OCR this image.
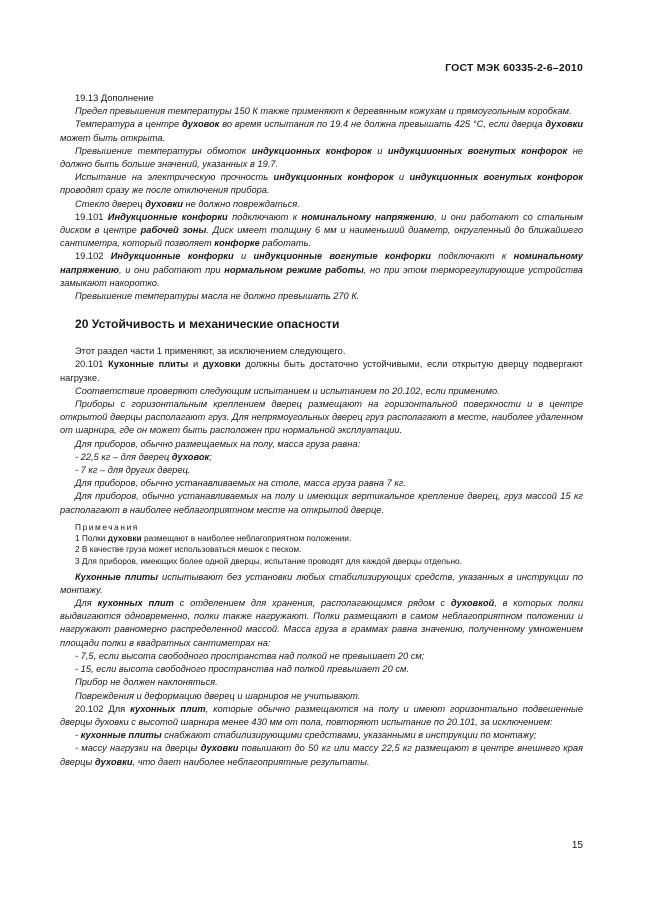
ГОСТ МЭК 60335-2-6–2010

19.13 Дополнение

Предел превышения температуры 150 К также применяют к деревянным кожухам и прямоугольным коробкам.

Температура в центре духовок во время испытания по 19.4 не должна превышать 425 °С, если дверца духовки может быть открыта.

Превышение температуры обмоток индукционных конфорок и индукциионных вогнутых конфорок не должно быть больше значений, указанных в 19.7.

Испытание на электрическую прочность индукционных конфорок и индукционных вогнутых конфорок проводят сразу же после отключения прибора.

Стекло дверец духовки не должно повреждаться.

19.101 Индукционные конфорки подключают к номинальному напряжению, и они работают со стальным диском в центре рабочей зоны. Диск имеет толщину 6 мм и наименьший диаметр, округленный до ближайшего сантиметра, который позволяет конфорке работать.

19.102 Индукционные конфорки и индукционные вогнутые конфорки подключают к номинальному напряжению, и они работают при нормальном режиме работы, но при этом терморегулирующие устройства замыкают накоротко.

Превышение температуры масла не должно превышать 270 К.

20 Устойчивость и механические опасности

Этот раздел части 1 применяют, за исключением следующего.

20.101 Кухонные плиты и духовки должны быть достаточно устойчивыми, если открытую дверцу подвергают нагрузке.

Соответствие проверяют следующим испытанием и испытанием по 20.102, если применимо.

Приборы с горизонтальным креплением дверец размещают на горизонтальной поверхности и в центре открытой дверцы располагают груз. Для непрямоугольных дверец груз располагают в месте, наиболее удаленном от шарнира, где он может быть расположен при нормальной эксплуатации.

Для приборов, обычно размещаемых на полу, масса груза равна:

- 22,5 кг – для дверец духовок;

- 7 кг – для других дверец.

Для приборов, обычно устанавливаемых на столе, масса груза равна 7 кг.

Для приборов, обычно устанавливаемых на полу и имеющих вертикальное крепление дверец, груз массой 15 кг располагают в наиболее неблагоприятном месте на открытой дверце.

Примечания
1 Полки духовки размещают в наиболее неблагоприятном положении.
2 В качестве груза может использоваться мешок с песком.
3 Для приборов, имеющих более одной дверцы, испытание проводят для каждой дверцы отдельно.

Кухонные плиты испытывают без установки любых стабилизирующих средств, указанных в инструкции по монтажу.

Для кухонных плит с отделением для хранения, располагающимся рядом с духовкой, в которых полки выдвигаются одновременно, полки также нагружают. Полки размещают в самом неблагоприятном положении и нагружают равномерно распределенной массой. Масса груза в граммах равна значению, полученному умножением площади полки в квадратных сантиметрах на:

- 7,5, если высота свободного пространства над полкой не превышает 20 см;

- 15, если высота свободного пространства над полкой превышает 20 см.

Прибор не должен наклоняться.

Повреждения и деформацию дверец и шарниров не учитывают.

20.102 Для кухонных плит, которые обычно размещаются на полу и имеют горизонтально подвешенные дверцы духовки с высотой шарнира менее 430 мм от пола, повторяют испытание по 20.101, за исключением:

- кухонные плиты снабжают стабилизирующими средствами, указанными в инструкции по монтажу;

- массу нагрузки на дверцы духовки повышают до 50 кг или массу 22,5 кг размещают в центре внешнего края дверцы духовки, что дает наиболее неблагоприятные результаты.

15
